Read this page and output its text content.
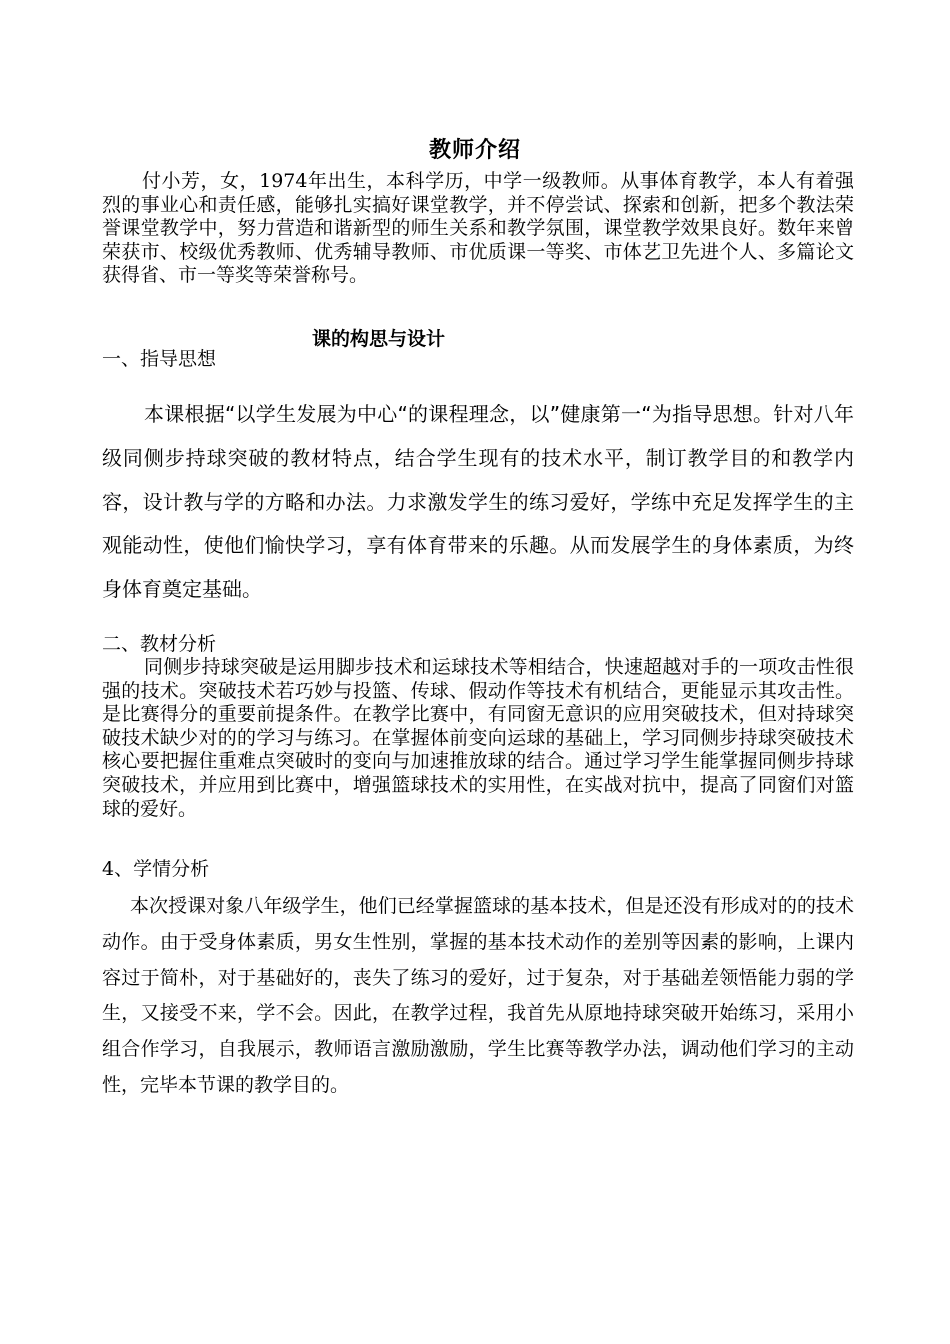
教师介绍
付小芳，女，1974年出生，本科学历，中学一级教师。从事体育教学，本人有着强烈的事业心和责任感，能够扎实搞好课堂教学，并不停尝试、探索和创新，把多个教法荣誉课堂教学中，努力营造和谐新型的师生关系和教学氛围，课堂教学效果良好。数年来曾荣获市、校级优秀教师、优秀辅导教师、市优质课一等奖、市体艺卫先进个人、多篇论文获得省、市一等奖等荣誉称号。
课的构思与设计
一、指导思想
本课根据“以学生发展为中心“的课程理念，以”健康第一“为指导思想。针对八年级同侧步持球突破的教材特点，结合学生现有的技术水平，制订教学目的和教学内容，设计教与学的方略和办法。力求激发学生的练习爱好，学练中充足发挥学生的主观能动性，使他们愉快学习，享有体育带来的乐趣。从而发展学生的身体素质，为终身体育奠定基础。
二、教材分析
同侧步持球突破是运用脚步技术和运球技术等相结合，快速超越对手的一项攻击性很强的技术。突破技术若巧妙与投篮、传球、假动作等技术有机结合，更能显示其攻击性。是比赛得分的重要前提条件。在教学比赛中，有同窗无意识的应用突破技术，但对持球突破技术缺少对的的学习与练习。在掌握体前变向运球的基础上，学习同侧步持球突破技术核心要把握住重难点突破时的变向与加速推放球的结合。通过学习学生能掌握同侧步持球突破技术，并应用到比赛中，增强篮球技术的实用性，在实战对抗中，提高了同窗们对篮球的爱好。
4、学情分析
本次授课对象八年级学生，他们已经掌握篮球的基本技术，但是还没有形成对的的技术动作。由于受身体素质，男女生性别，掌握的基本技术动作的差别等因素的影响，上课内容过于简朴，对于基础好的，丧失了练习的爱好，过于复杂，对于基础差领悟能力弱的学生，又接受不来，学不会。因此，在教学过程，我首先从原地持球突破开始练习，采用小组合作学习，自我展示，教师语言激励激励，学生比赛等教学办法，调动他们学习的主动性，完毕本节课的教学目的。
